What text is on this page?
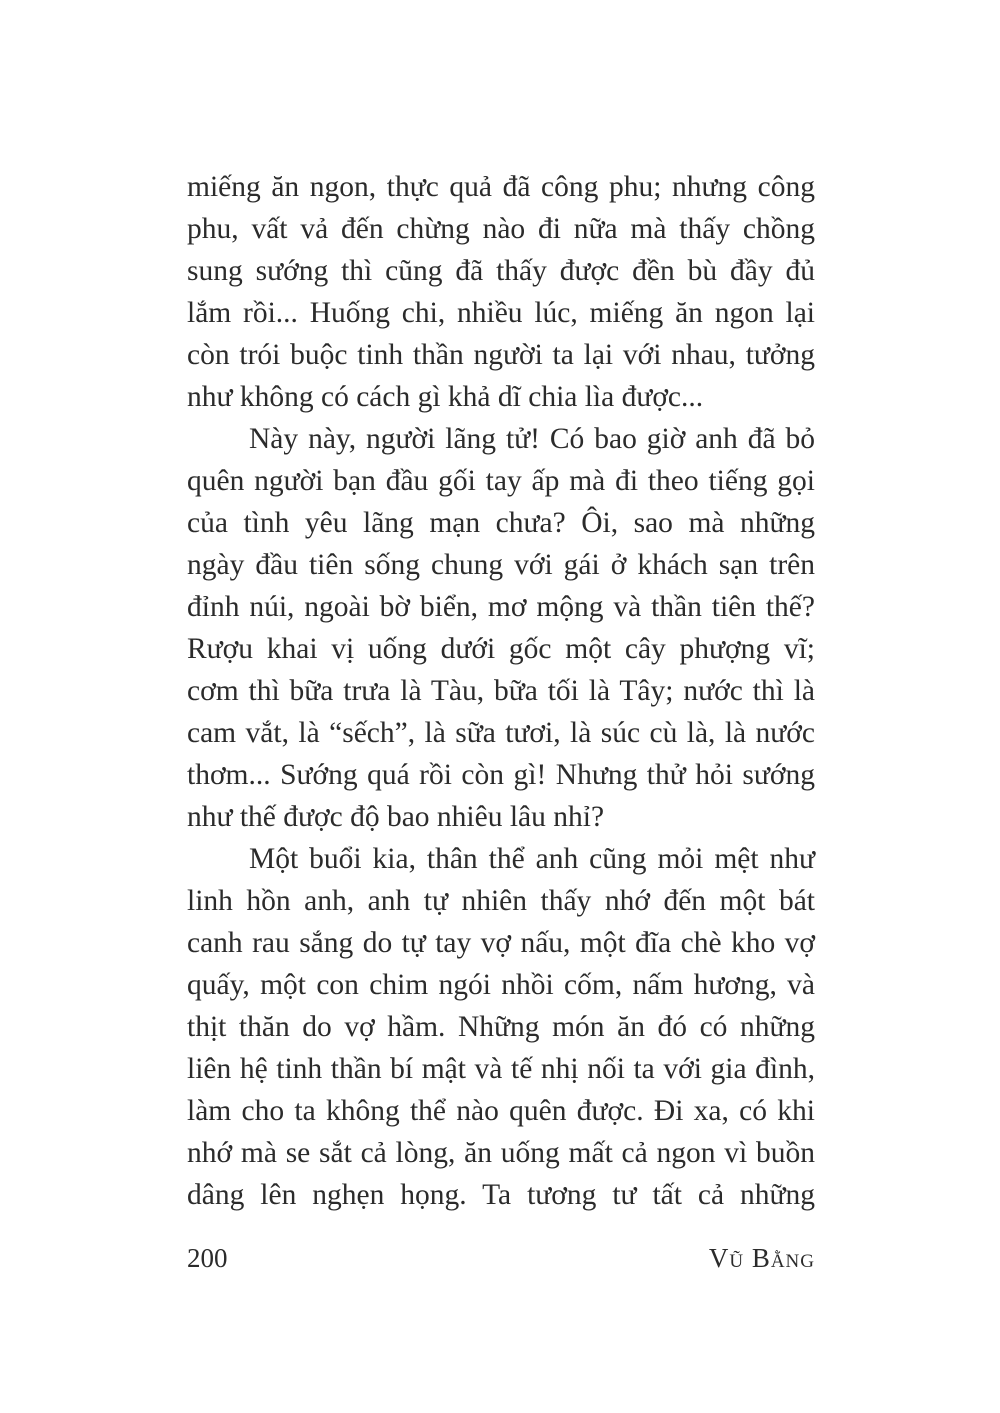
miếng ăn ngon, thực quả đã công phu; nhưng công
phu, vất vả đến chừng nào đi nữa mà thấy chồng
sung sướng thì cũng đã thấy được đền bù đầy đủ
lắm rồi... Huống chi, nhiều lúc, miếng ăn ngon lại
còn trói buộc tinh thần người ta lại với nhau, tưởng
như không có cách gì khả dĩ chia lìa được...
Này này, người lãng tử! Có bao giờ anh đã bỏ
quên người bạn đầu gối tay ấp mà đi theo tiếng gọi
của tình yêu lãng mạn chưa? Ôi, sao mà những
ngày đầu tiên sống chung với gái ở khách sạn trên
đỉnh núi, ngoài bờ biển, mơ mộng và thần tiên thế?
Rượu khai vị uống dưới gốc một cây phượng vĩ;
cơm thì bữa trưa là Tàu, bữa tối là Tây; nước thì là
cam vắt, là “sếch”, là sữa tươi, là súc cù là, là nước
thơm... Sướng quá rồi còn gì! Nhưng thử hỏi sướng
như thế được độ bao nhiêu lâu nhỉ?
Một buổi kia, thân thể anh cũng mỏi mệt như
linh hồn anh, anh tự nhiên thấy nhớ đến một bát
canh rau sắng do tự tay vợ nấu, một đĩa chè kho vợ
quấy, một con chim ngói nhồi cốm, nấm hương, và
thịt thăn do vợ hầm. Những món ăn đó có những
liên hệ tinh thần bí mật và tế nhị nối ta với gia đình,
làm cho ta không thể nào quên được. Đi xa, có khi
nhớ mà se sắt cả lòng, ăn uống mất cả ngon vì buồn
dâng lên nghẹn họng. Ta tương tư tất cả những
200	Vũ Bằng
